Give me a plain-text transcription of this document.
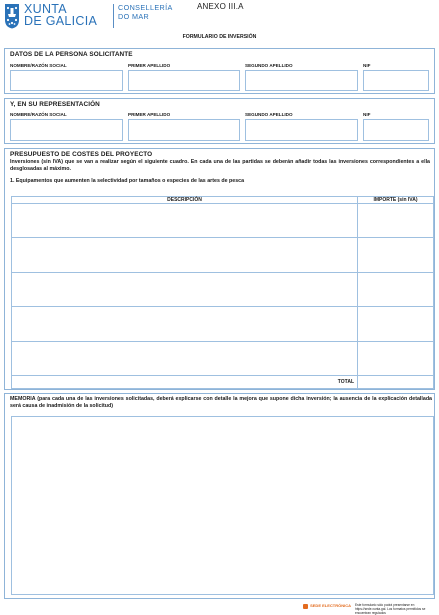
XUNTA
DE GALICIA
CONSELLERÍA
DO MAR
ANEXO III.A
FORMULARIO DE INVERSIÓN
DATOS DE LA PERSONA SOLICITANTE
NOMBRE/RAZÓN SOCIAL	PRIMER APELLIDO	SEGUNDO APELLIDO	NIF
Y, EN SU REPRESENTACIÓN
NOMBRE/RAZÓN SOCIAL	PRIMER APELLIDO	SEGUNDO APELLIDO	NIF
PRESUPUESTO DE COSTES DEL PROYECTO
Inversiones (sin IVA) que se van a realizar según el siguiente cuadro. En cada una de las partidas se deberán añadir todas las inversiones correspondientes a ella desglosadas al máximo.
1. Equipamentos que aumenten la selectividad por tamaños o especies de las artes de pesca
DESCRIPCIÓN	IMPORTE (sin IVA)

TOTAL	
MEMORIA (para cada una de las inversiones solicitadas, deberá explicarse con detalle la mejora que supone dicha inversión; la ausencia de la explicación detallada será causa de inadmisión de la solicitud)
SEDE ELECTRÓNICA Este formulario sólo podrá presentarse en https://sede.xunta.gal. Los formatos permitidos se encuentran regulados
